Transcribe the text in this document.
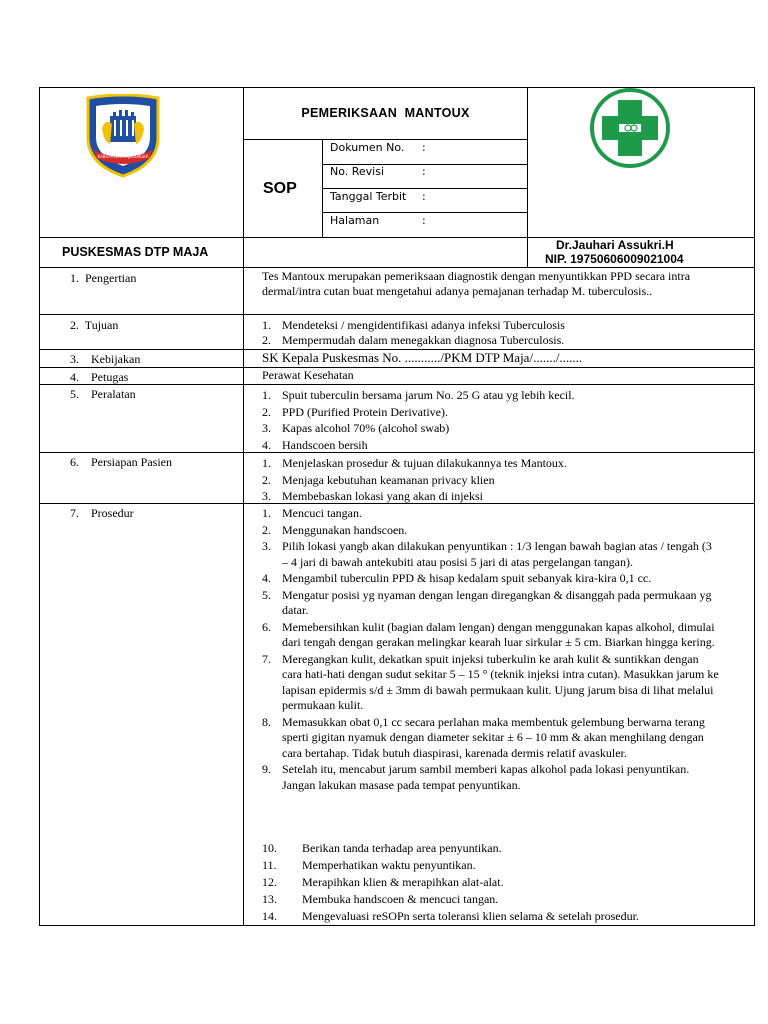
KABUPATEN MAJALENGKA
PEMERIKSAAN  MANTOUX
SOP
Dokumen No. :
No. Revisi	:
Tanggal Terbit :
Halaman	:
PUSKESMAS DTP MAJA	Dr.Jauhari Assukri.H
NIP. 19750606009021004
1.  Pengertian	Tes Mantoux merupakan pemeriksaan diagnostik dengan menyuntikkan PPD secara intra dermal/intra cutan buat mengetahui adanya pemajanan terhadap M. tuberculosis..
2.  Tujuan	1. Mendeteksi / mengidentifikasi adanya infeksi Tuberculosis
2. Mempermudah dalam menegakkan diagnosa Tuberculosis.
3.    Kebijakan	SK Kepala Puskesmas No. .........../PKM DTP Maja/......./.......
4.    Petugas	Perawat Kesehatan
5.    Peralatan	1. Spuit tuberculin bersama jarum No. 25 G atau yg lebih kecil.
2. PPD (Purified Protein Derivative).
3. Kapas alcohol 70% (alcohol swab)
4. Handscoen bersih
6.    Persiapan Pasien	1. Menjelaskan prosedur & tujuan dilakukannya tes Mantoux.
2. Menjaga kebutuhan keamanan privacy klien
3. Membebaskan lokasi yang akan di injeksi
7.    Prosedur	1. Mencuci tangan.
2. Menggunakan handscoen.
3. Pilih lokasi yangb akan dilakukan penyuntikan : 1/3 lengan bawah bagian atas / tengah (3 – 4 jari di bawah antekubiti atau posisi 5 jari di atas pergelangan tangan).
4. Mengambil tuberculin PPD & hisap kedalam spuit sebanyak kira-kira 0,1 cc.
5. Mengatur posisi yg nyaman dengan lengan diregangkan & disanggah pada permukaan yg datar.
6. Memebersihkan kulit (bagian dalam lengan) dengan menggunakan kapas alkohol, dimulai dari tengah dengan gerakan melingkar kearah luar sirkular ± 5 cm. Biarkan hingga kering.
7. Meregangkan kulit, dekatkan spuit injeksi tuberkulin ke arah kulit & suntikkan dengan cara hati-hati dengan sudut sekitar 5 – 15 ° (teknik injeksi intra cutan). Masukkan jarum ke lapisan epidermis s/d ± 3mm di bawah permukaan kulit. Ujung jarum bisa di lihat melalui permukaan kulit.
8. Memasukkan obat 0,1 cc secara perlahan maka membentuk gelembung berwarna terang sperti gigitan nyamuk dengan diameter sekitar ± 6 – 10 mm & akan menghilang dengan cara bertahap. Tidak butuh diaspirasi, karenada dermis relatif avaskuler.
9. Setelah itu, mencabut jarum sambil memberi kapas alkohol pada lokasi penyuntikan. Jangan lakukan masase pada tempat penyuntikan.
10. Berikan tanda terhadap area penyuntikan.
11. Memperhatikan waktu penyuntikan.
12. Merapihkan klien & merapihkan alat-alat.
13. Membuka handscoen & mencuci tangan.
14. Mengevaluasi reSOPn serta toleransi klien selama & setelah prosedur.
